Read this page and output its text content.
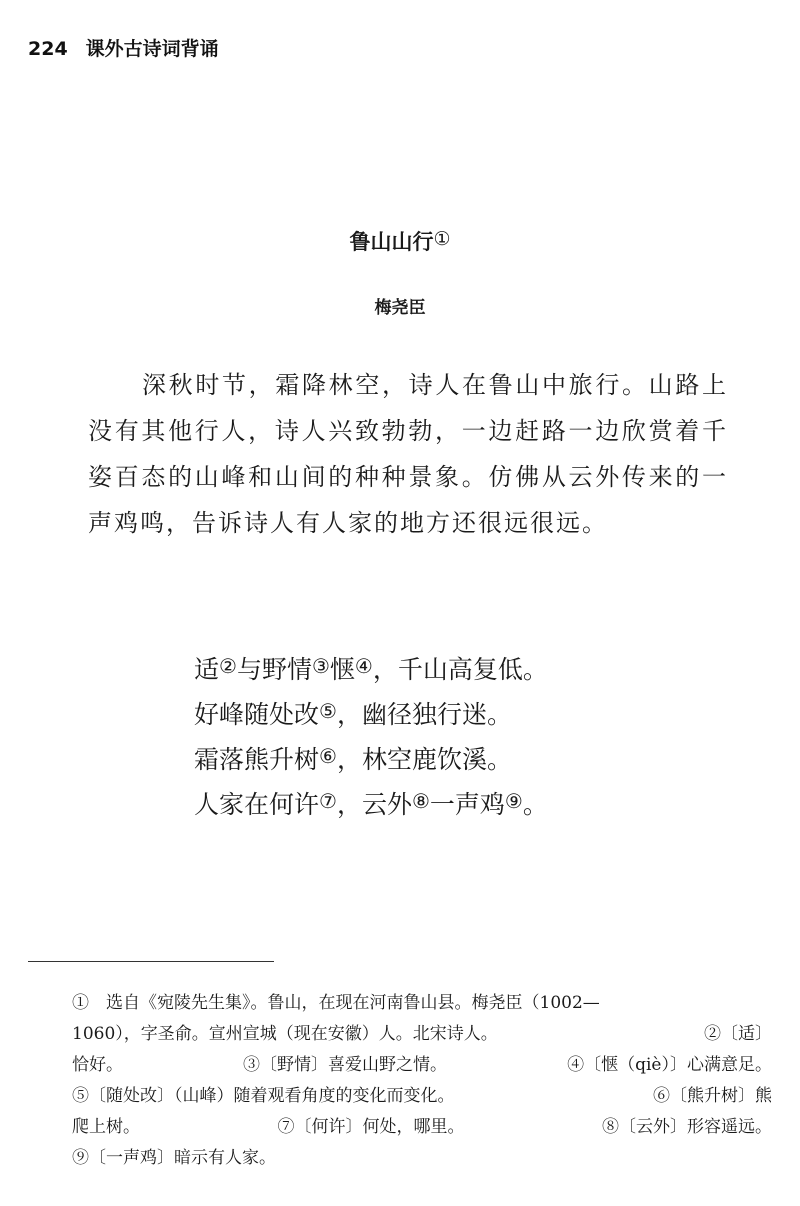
224 课外古诗词背诵
鲁山山行①
梅尧臣
深秋时节，霜降林空，诗人在鲁山中旅行。山路上没有其他行人，诗人兴致勃勃，一边赶路一边欣赏着千姿百态的山峰和山间的种种景象。仿佛从云外传来的一声鸡鸣，告诉诗人有人家的地方还很远很远。
适②与野情③惬④，千山高复低。
好峰随处改⑤，幽径独行迷。
霜落熊升树⑥，林空鹿饮溪。
人家在何许⑦，云外⑧一声鸡⑨。
①　选自《宛陵先生集》。鲁山，在现在河南鲁山县。梅尧臣（1002—
1060），字圣俞。宣州宣城（现在安徽）人。北宋诗人。	②〔适〕
恰好。	③〔野情〕喜爱山野之情。	④〔惬（qiè）〕心满意足。
⑤〔随处改〕（山峰）随着观看角度的变化而变化。	⑥〔熊升树〕熊
爬上树。	⑦〔何许〕何处，哪里。	⑧〔云外〕形容遥远。
⑨〔一声鸡〕暗示有人家。
